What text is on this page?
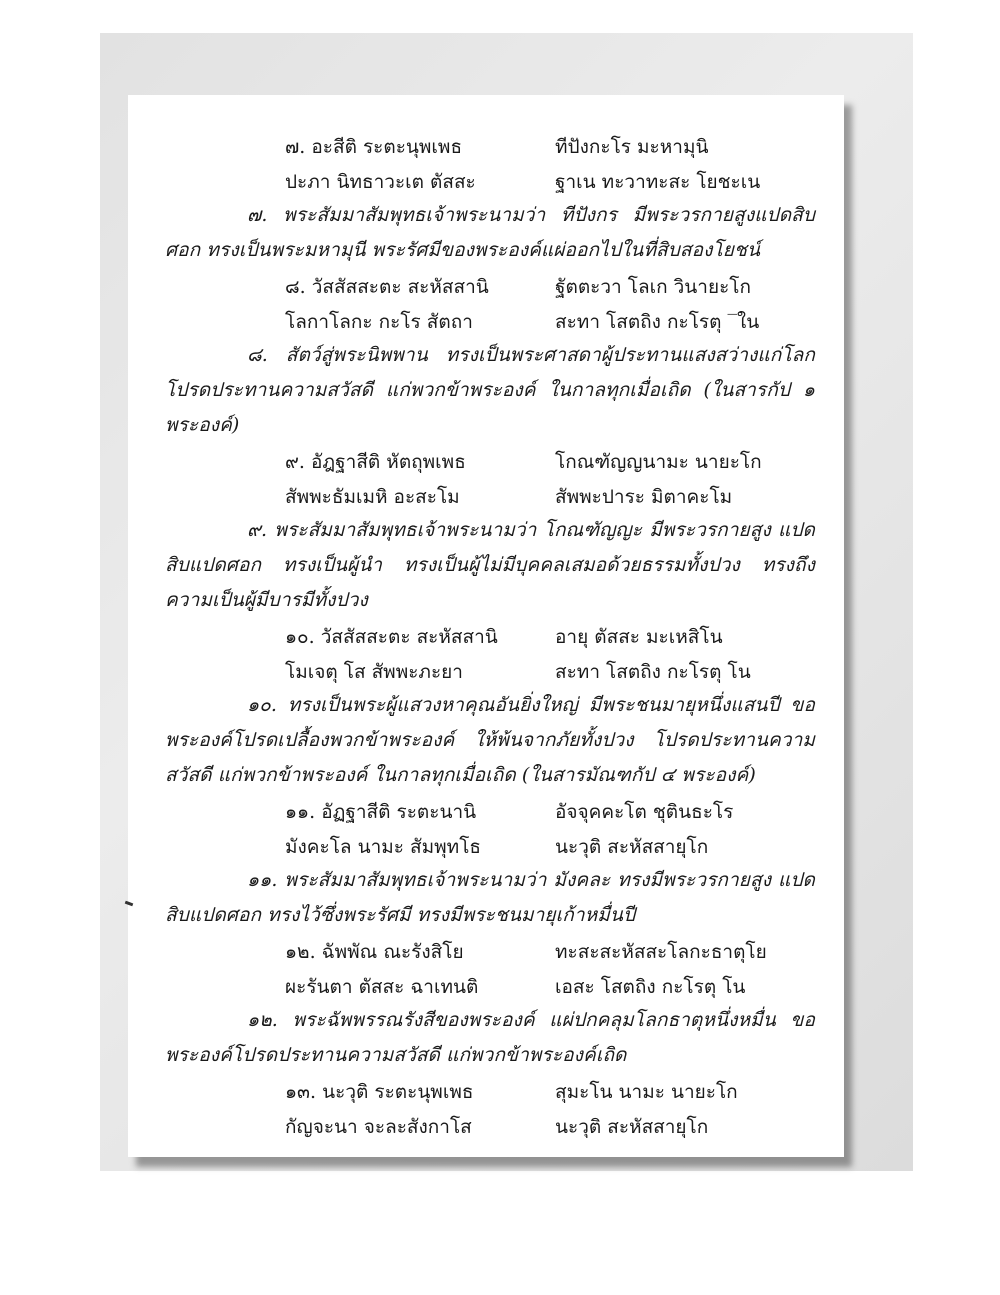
๗. อะสีติ ระตะนุพเพธ	ทีปังกะโร มะหามุนิ
ปะภา นิทธาวะเต ตัสสะ	ฐาเน ทะวาทะสะ โยชะเน

๗. พระสัมมาสัมพุทธเจ้าพระนามว่า ทีปังกร มีพระวรกายสูงแปดสิบศอก ทรงเป็นพระมหามุนี พระรัศมีของพระองค์แผ่ออกไปในที่สิบสองโยชน์

๘. วัสสัสสะตะ สะหัสสานิ	ฐัตตะวา โลเก วินายะโก
โลกาโลกะ กะโร สัตถา	สะทา โสตถิง กะโรตุ ‾ใน

๘. สัตว์สู่พระนิพพาน ทรงเป็นพระศาสดาผู้ประทานแสงสว่างแก่โลก โปรดประทานความสวัสดี แก่พวกข้าพระองค์ ในกาลทุกเมื่อเถิด (ในสารกัป ๑ พระองค์)

๙. อัฎฐาสีติ หัตถุพเพธ	โกณฑัญญนามะ นายะโก
สัพพะธัมเมหิ อะสะโม	สัพพะปาระ มิตาคะโม

๙. พระสัมมาสัมพุทธเจ้าพระนามว่า โกณฑัญญะ มีพระวรกายสูง แปดสิบแปดศอก ทรงเป็นผู้นำ ทรงเป็นผู้ไม่มีบุคคลเสมอด้วยธรรมทั้งปวง ทรงถึง ความเป็นผู้มีบารมีทั้งปวง

๑๐. วัสสัสสะตะ สะหัสสานิ	อายุ ตัสสะ มะเหสิโน
โมเจตุ โส สัพพะภะยา	สะทา โสตถิง กะโรตุ โน

๑๐. ทรงเป็นพระผู้แสวงหาคุณอันยิ่งใหญ่ มีพระชนมายุหนึ่งแสนปี ขอ พระองค์โปรดเปลื้องพวกข้าพระองค์ ให้พ้นจากภัยทั้งปวง โปรดประทานความ สวัสดี แก่พวกข้าพระองค์ ในกาลทุกเมื่อเถิด (ในสารมัณฑกัป ๔ พระองค์)

๑๑. อัฏฐาสีติ ระตะนานิ	อัจจุคคะโต ชุตินธะโร
มังคะโล นามะ สัมพุทโธ	นะวุติ สะหัสสายุโก

๑๑. พระสัมมาสัมพุทธเจ้าพระนามว่า มังคละ ทรงมีพระวรกายสูง แปดสิบแปดศอก ทรงไว้ซึ่งพระรัศมี ทรงมีพระชนมายุเก้าหมื่นปี

๑๒. ฉัพพัณ ณะรังสิโย	ทะสะสะหัสสะโลกะธาตุโย
ผะรันตา ตัสสะ ฉาเทนติ	เอสะ โสตถิง กะโรตุ โน

๑๒. พระฉัพพรรณรังสีของพระองค์ แผ่ปกคลุมโลกธาตุหนึ่งหมื่น ขอ พระองค์โปรดประทานความสวัสดี แก่พวกข้าพระองค์เถิด

๑๓. นะวุติ ระตะนุพเพธ	สุมะโน นามะ นายะโก
กัญจะนา จะละสังกาโส	นะวุติ สะหัสสายุโก
